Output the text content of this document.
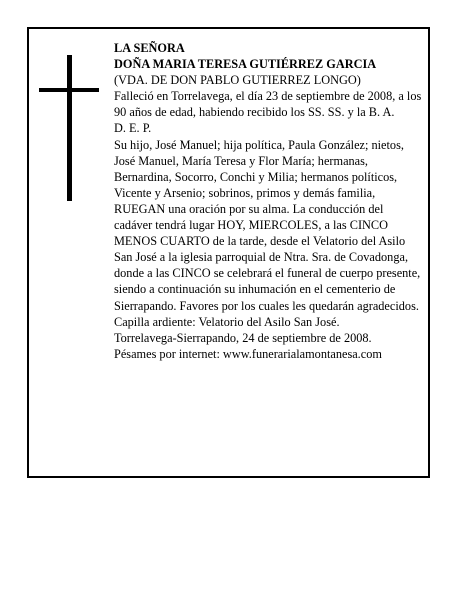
LA SEÑORA
DOÑA MARIA TERESA GUTIÉRREZ GARCIA
(VDA. DE DON PABLO GUTIERREZ LONGO)
Falleció en Torrelavega, el día 23 de septiembre de 2008, a los 90 años de edad, habiendo recibido los SS. SS. y la B. A.
D. E. P.
Su hijo, José Manuel; hija política, Paula González; nietos, José Manuel, María Teresa y Flor María; hermanas, Bernardina, Socorro, Conchi y Milia; hermanos políticos, Vicente y Arsenio; sobrinos, primos y demás familia,
RUEGAN una oración por su alma. La conducción del cadáver tendrá lugar HOY, MIERCOLES, a las CINCO MENOS CUARTO de la tarde, desde el Velatorio del Asilo San José a la iglesia parroquial de Ntra. Sra. de Covadonga, donde a las CINCO se celebrará el funeral de cuerpo presente, siendo a continuación su inhumación en el cementerio de Sierrapando. Favores por los cuales les quedarán agradecidos. Capilla ardiente: Velatorio del Asilo San José.
Torrelavega-Sierrapando, 24 de septiembre de 2008.
Pésames por internet: www.funerarialamontanesa.com
